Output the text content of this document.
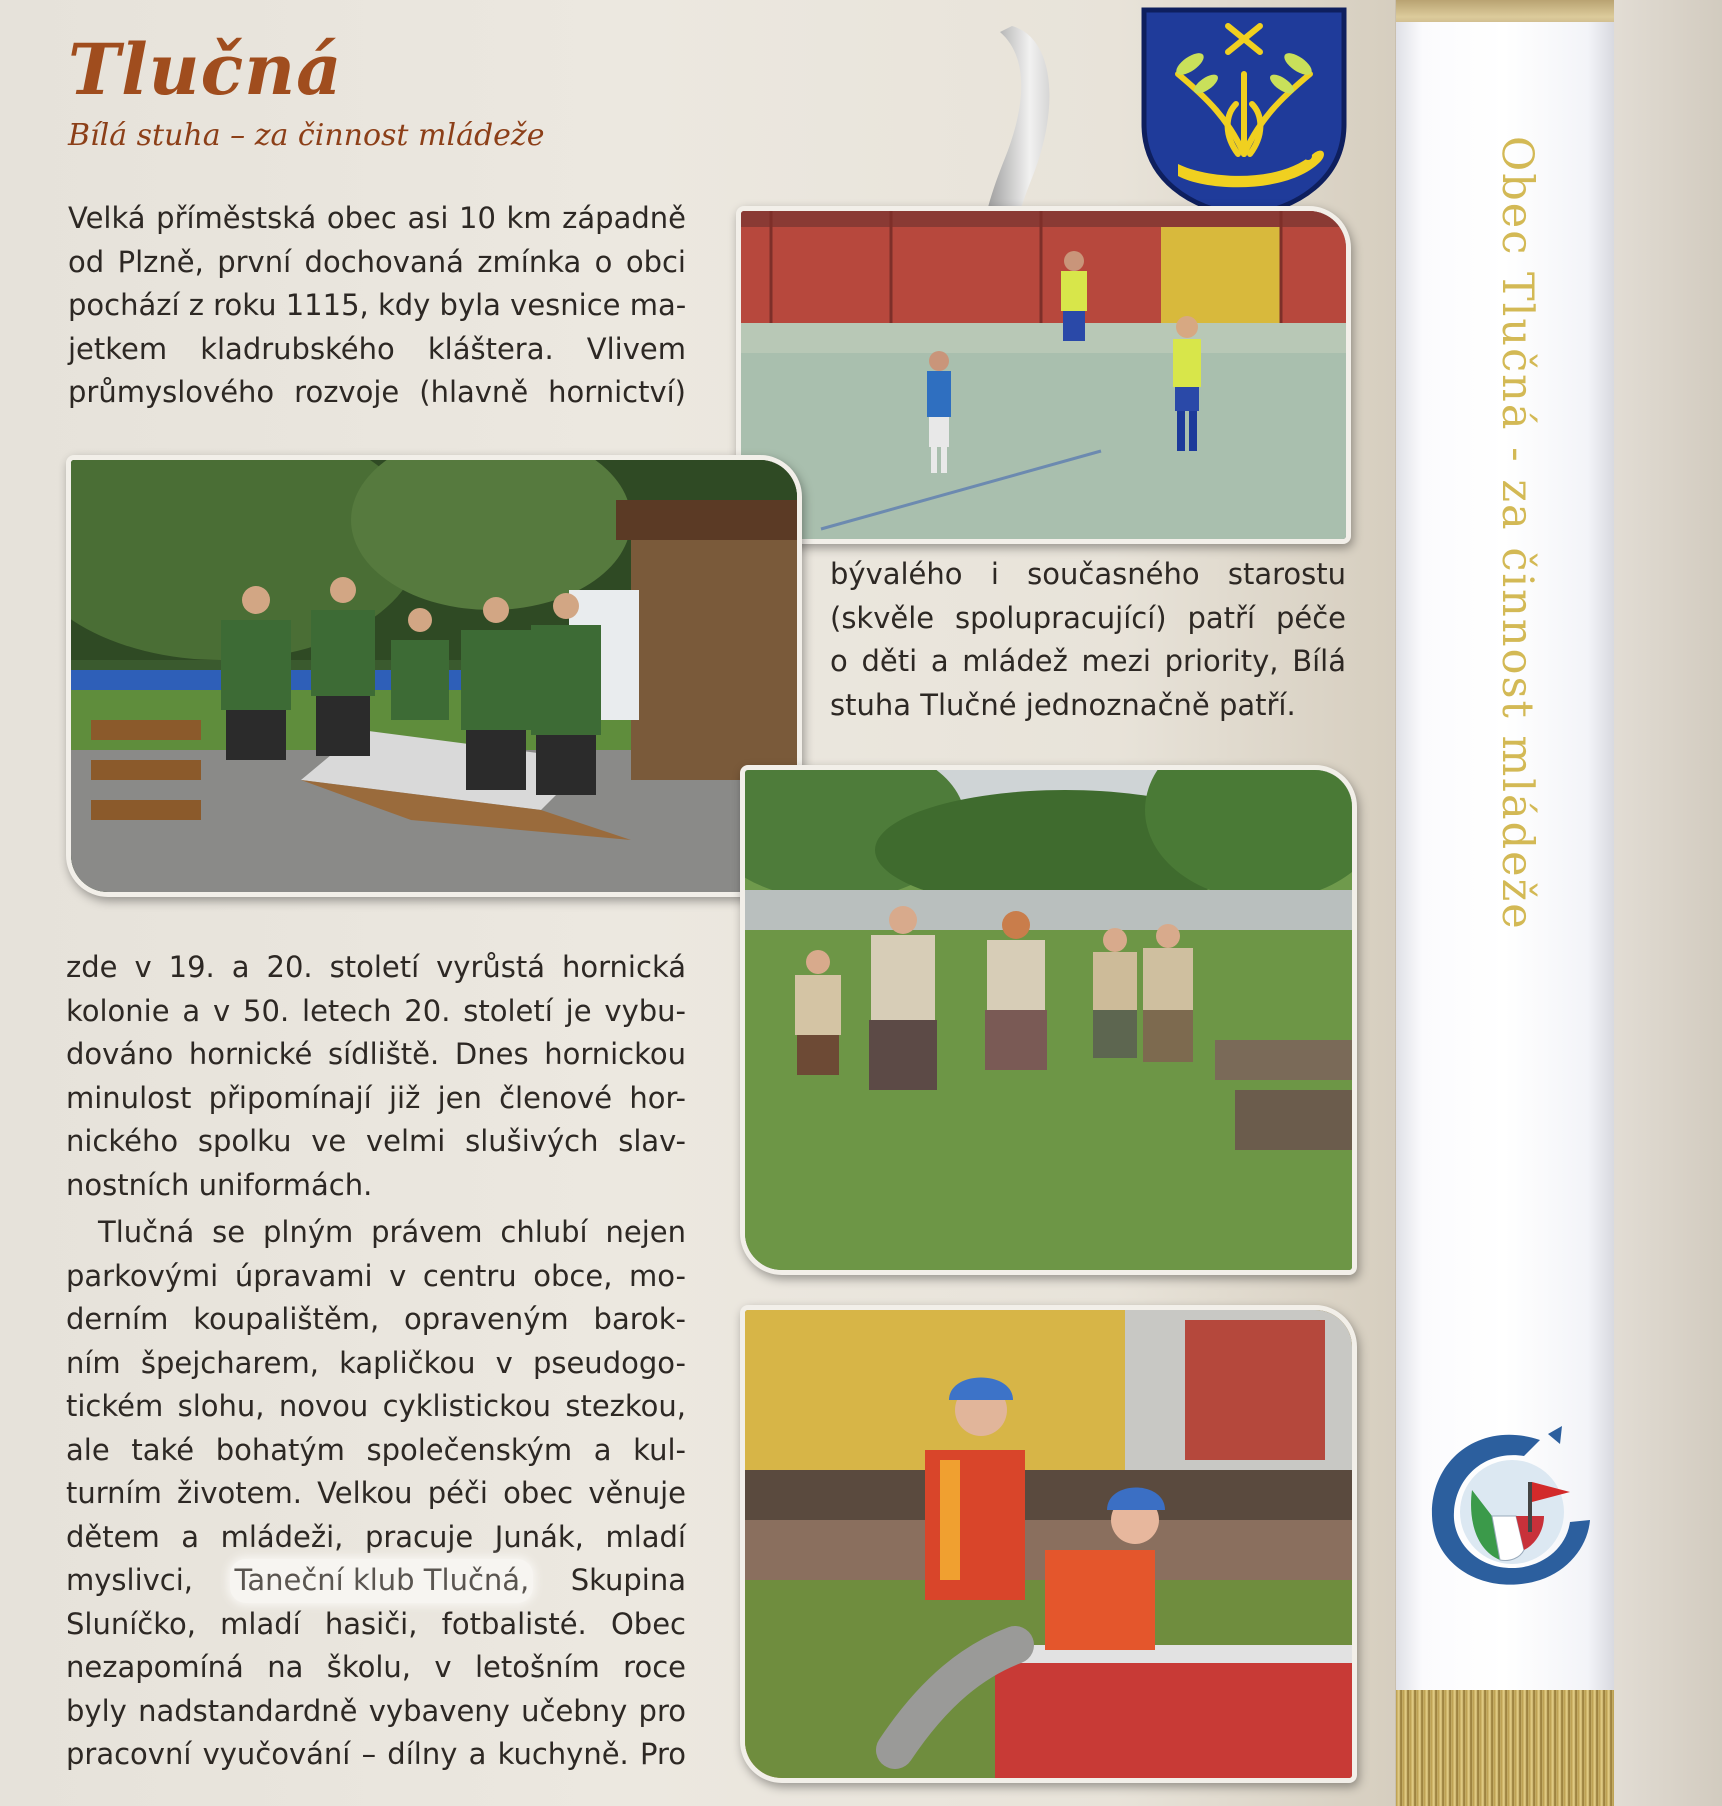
Tlučná
Bílá stuha – za činnost mládeže
Velká příměstská obec asi 10 km západně
od Plzně, první dochovaná zmínka o obci
pochází z roku 1115, kdy byla vesnice ma-
jetkem kladrubského kláštera. Vlivem
průmyslového rozvoje (hlavně hornictví)
bývalého i současného starostu
(skvěle spolupracující) patří péče
o děti a mládež mezi priority, Bílá
stuha Tlučné jednoznačně patří.
zde v 19. a 20. století vyrůstá hornická
kolonie a v 50. letech 20. století je vybu-
dováno hornické sídliště. Dnes hornickou
minulost připomínají již jen členové hor-
nického spolku ve velmi slušivých slav-
nostních uniformách.
Tlučná se plným právem chlubí nejen
parkovými úpravami v centru obce, mo-
derním koupalištěm, opraveným barok-
ním špejcharem, kapličkou v pseudogo-
tickém slohu, novou cyklistickou stezkou,
ale také bohatým společenským a kul-
turním životem. Velkou péči obec věnuje
dětem a mládeži, pracuje Junák, mladí
myslivci, Taneční klub Tlučná, Skupina
Sluníčko, mladí hasiči, fotbalisté. Obec
nezapomíná na školu, v letošním roce
byly nadstandardně vybaveny učebny pro
pracovní vyučování – dílny a kuchyně. Pro
Obec Tlučná - za činnost mládeže
